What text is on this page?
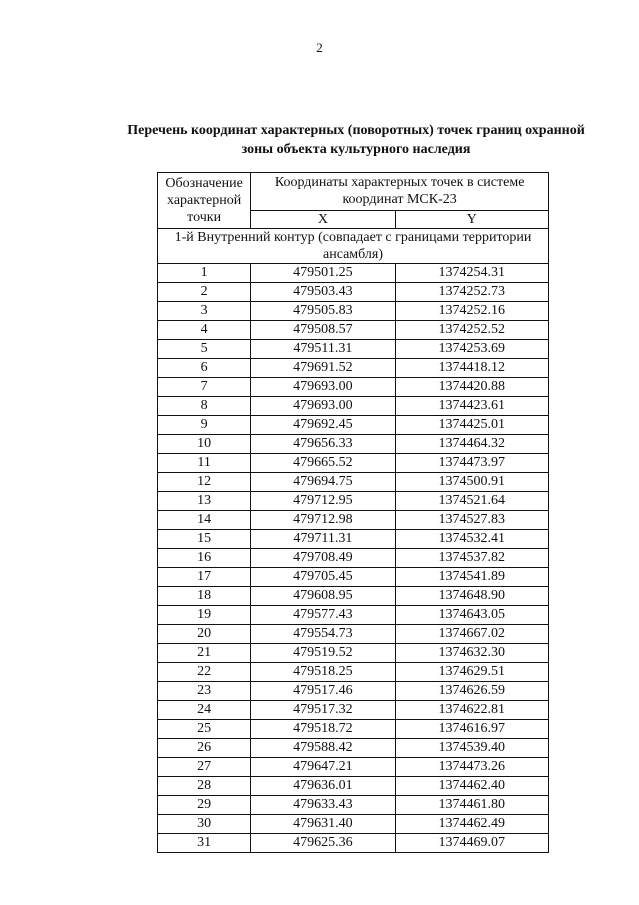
2
Перечень координат характерных (поворотных) точек границ охранной
зоны объекта культурного наследия
Обозначение характерной точки	Координаты характерных точек в системе координат МСК-23	
	X	Y
1-й Внутренний контур (совпадает с границами территории ансамбля)		
1	479501.25	1374254.31
2	479503.43	1374252.73
3	479505.83	1374252.16
4	479508.57	1374252.52
5	479511.31	1374253.69
6	479691.52	1374418.12
7	479693.00	1374420.88
8	479693.00	1374423.61
9	479692.45	1374425.01
10	479656.33	1374464.32
11	479665.52	1374473.97
12	479694.75	1374500.91
13	479712.95	1374521.64
14	479712.98	1374527.83
15	479711.31	1374532.41
16	479708.49	1374537.82
17	479705.45	1374541.89
18	479608.95	1374648.90
19	479577.43	1374643.05
20	479554.73	1374667.02
21	479519.52	1374632.30
22	479518.25	1374629.51
23	479517.46	1374626.59
24	479517.32	1374622.81
25	479518.72	1374616.97
26	479588.42	1374539.40
27	479647.21	1374473.26
28	479636.01	1374462.40
29	479633.43	1374461.80
30	479631.40	1374462.49
31	479625.36	1374469.07
